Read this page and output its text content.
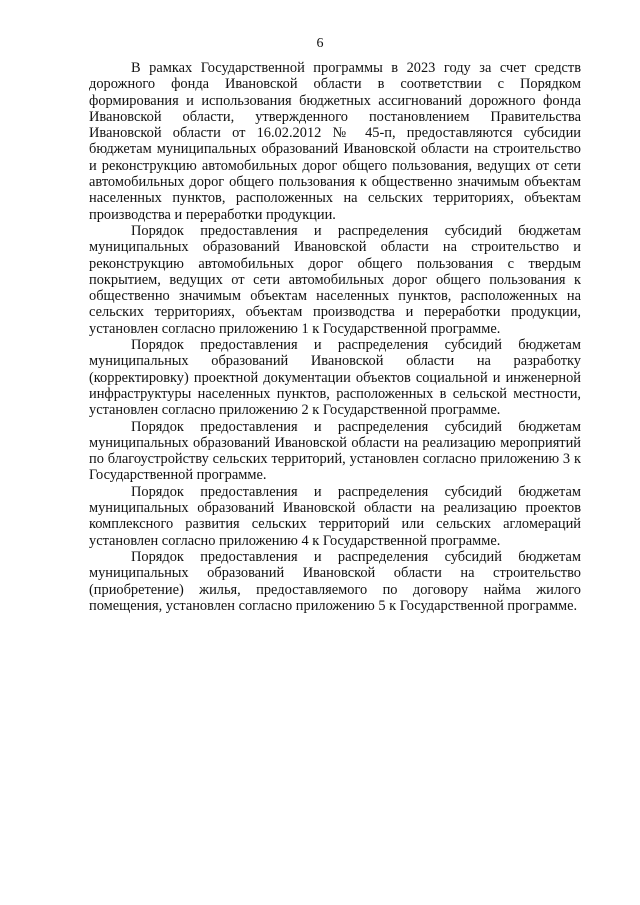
6

В рамках Государственной программы в 2023 году за счет средств дорожного фонда Ивановской области в соответствии с Порядком формирования и использования бюджетных ассигнований дорожного фонда Ивановской области, утвержденного постановлением Правительства Ивановской области от 16.02.2012 № 45-п, предоставляются субсидии бюджетам муниципальных образований Ивановской области на строительство и реконструкцию автомобильных дорог общего пользования, ведущих от сети автомобильных дорог общего пользования к общественно значимым объектам населенных пунктов, расположенных на сельских территориях, объектам производства и переработки продукции.

Порядок предоставления и распределения субсидий бюджетам муниципальных образований Ивановской области на строительство и реконструкцию автомобильных дорог общего пользования с твердым покрытием, ведущих от сети автомобильных дорог общего пользования к общественно значимым объектам населенных пунктов, расположенных на сельских территориях, объектам производства и переработки продукции, установлен согласно приложению 1 к Государственной программе.

Порядок предоставления и распределения субсидий бюджетам муниципальных образований Ивановской области на разработку (корректировку) проектной документации объектов социальной и инженерной инфраструктуры населенных пунктов, расположенных в сельской местности, установлен согласно приложению 2 к Государственной программе.

Порядок предоставления и распределения субсидий бюджетам муниципальных образований Ивановской области на реализацию мероприятий по благоустройству сельских территорий, установлен согласно приложению 3 к Государственной программе.

Порядок предоставления и распределения субсидий бюджетам муниципальных образований Ивановской области на реализацию проектов комплексного развития сельских территорий или сельских агломераций установлен согласно приложению 4 к Государственной программе.

Порядок предоставления и распределения субсидий бюджетам муниципальных образований Ивановской области на строительство (приобретение) жилья, предоставляемого по договору найма жилого помещения, установлен согласно приложению 5 к Государственной программе.
